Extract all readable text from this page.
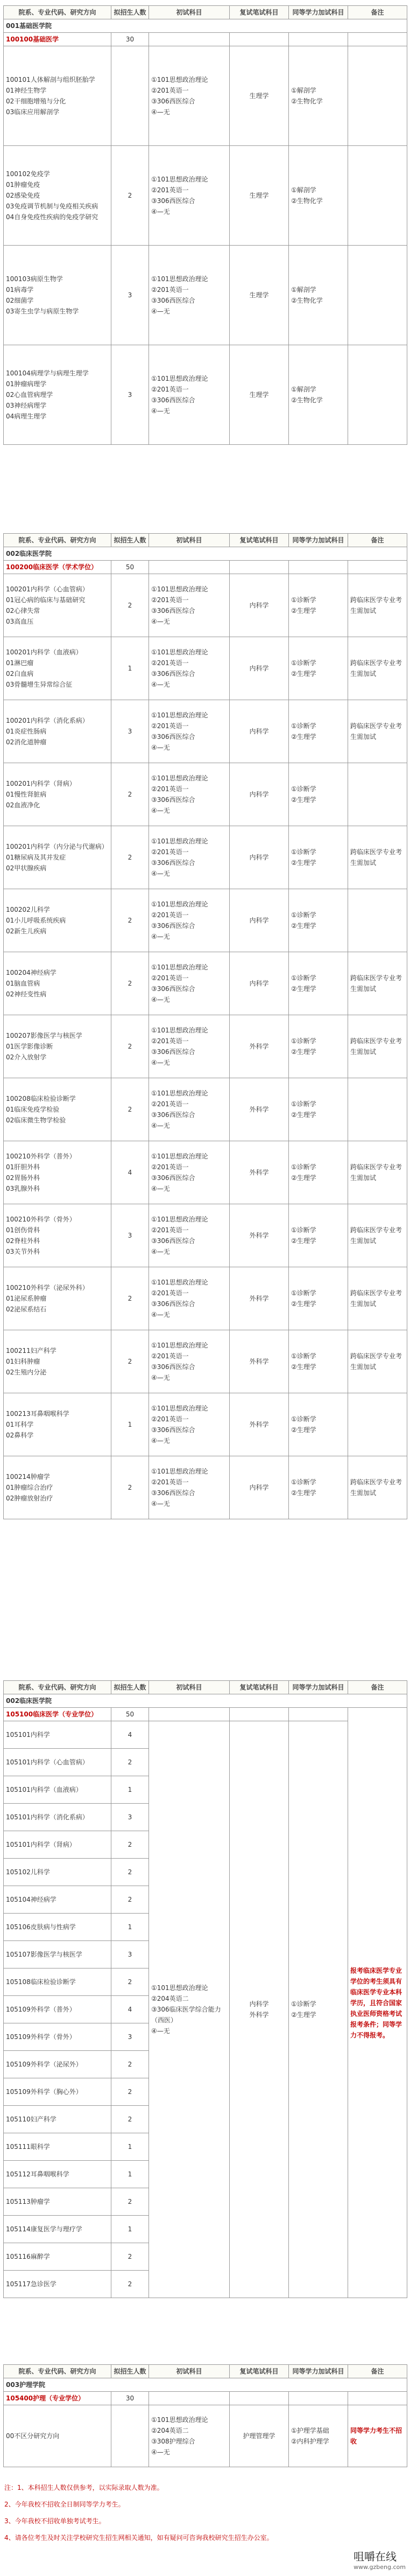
院系、专业代码、研究方向	拟招生人数	初试科目	复试笔试科目	同等学力加试科目	备注
001基础医学院					
100100基础医学	30				
100101人体解剖与组织胚胎学
01神经生物学
02干细胞增殖与分化
03临床应用解剖学		①101思想政治理论
②201英语一
③306西医综合
④—无	生理学	①解剖学
②生物化学	
100102免疫学
01肿瘤免疫
02感染免疫
03免疫调节机制与免疫相关疾病
04自身免疫性疾病的免疫学研究	2	①101思想政治理论
②201英语一
③306西医综合
④—无	生理学	①解剖学
②生物化学	
100103病原生物学
01病毒学
02细菌学
03寄生虫学与病原生物学	3	①101思想政治理论
②201英语一
③306西医综合
④—无	生理学	①解剖学
②生物化学	
100104病理学与病理生理学
01肿瘤病理学
02心血管病理学
03神经病理学
04病理生理学	3	①101思想政治理论
②201英语一
③306西医综合
④—无	生理学	①解剖学
②生物化学	
院系、专业代码、研究方向	拟招生人数	初试科目	复试笔试科目	同等学力加试科目	备注
002临床医学院					
100200临床医学（学术学位）	50				
100201内科学（心血管病）
01冠心病的临床与基础研究
02心律失常
03高血压	2	①101思想政治理论
②201英语一
③306西医综合
④—无	内科学	①诊断学
②生理学	跨临床医学专业考生需加试
100201内科学（血液病）
01淋巴瘤
02白血病
03骨髓增生异常综合征	1	①101思想政治理论
②201英语一
③306西医综合
④—无	内科学	①诊断学
②生理学	跨临床医学专业考生需加试
100201内科学（消化系病）
01炎症性肠病
02消化道肿瘤	3	①101思想政治理论
②201英语一
③306西医综合
④—无	内科学	①诊断学
②生理学	跨临床医学专业考生需加试
100201内科学（肾病）
01慢性肾脏病
02血液净化	2	①101思想政治理论
②201英语一
③306西医综合
④—无	内科学	①诊断学
②生理学	
100201内科学（内分泌与代谢病）
01糖尿病及其并发症
02甲状腺疾病	2	①101思想政治理论
②201英语一
③306西医综合
④—无	内科学	①诊断学
②生理学	跨临床医学专业考生需加试
100202儿科学
01小儿呼吸系统疾病
02新生儿疾病	2	①101思想政治理论
②201英语一
③306西医综合
④—无	内科学	①诊断学
②生理学	
100204神经病学
01脑血管病
02神经变性病	2	①101思想政治理论
②201英语一
③306西医综合
④—无	内科学	①诊断学
②生理学	跨临床医学专业考生需加试
100207影像医学与核医学
01医学影像诊断
02介入放射学	2	①101思想政治理论
②201英语一
③306西医综合
④—无	外科学	①诊断学
②生理学	跨临床医学专业考生需加试
100208临床检验诊断学
01临床免疫学检验
02临床微生物学检验	2	①101思想政治理论
②201英语一
③306西医综合
④—无	外科学	①诊断学
②生理学	
100210外科学（普外）
01肝胆外科
02胃肠外科
03乳腺外科	4	①101思想政治理论
②201英语一
③306西医综合
④—无	外科学	①诊断学
②生理学	跨临床医学专业考生需加试
100210外科学（骨外）
01创伤骨科
02脊柱外科
03关节外科	3	①101思想政治理论
②201英语一
③306西医综合
④—无	外科学	①诊断学
②生理学	跨临床医学专业考生需加试
100210外科学（泌尿外科）
01泌尿系肿瘤
02泌尿系结石	2	①101思想政治理论
②201英语一
③306西医综合
④—无	外科学	①诊断学
②生理学	跨临床医学专业考生需加试
100211妇产科学
01妇科肿瘤
02生殖内分泌	2	①101思想政治理论
②201英语一
③306西医综合
④—无	外科学	①诊断学
②生理学	跨临床医学专业考生需加试
100213耳鼻咽喉科学
01耳科学
02鼻科学	1	①101思想政治理论
②201英语一
③306西医综合
④—无	外科学	①诊断学
②生理学	
100214肿瘤学
01肿瘤综合治疗
02肿瘤放射治疗	2	①101思想政治理论
②201英语一
③306西医综合
④—无	内科学	①诊断学
②生理学	跨临床医学专业考生需加试
院系、专业代码、研究方向	拟招生人数	初试科目	复试笔试科目	同等学力加试科目	备注
002临床医学院					
105100临床医学（专业学位）	50				报考临床医学专业学位的考生须具有临床医学专业本科学历，且符合国家执业医师资格考试报考条件；同等学力不得报考。
105101内科学	4	①101思想政治理论
②204英语二
③306临床医学综合能力（西医）
④—无	内科学
外科学	①诊断学
②生理学	
105101内科学（心血管病）	2				
105101内科学（血液病）	1				
105101内科学（消化系病）	3				
105101内科学（肾病）	2				
105102儿科学	2				
105104神经病学	2				
105106皮肤病与性病学	1				
105107影像医学与核医学	3				
105108临床检验诊断学	2				
105109外科学（普外）	4				
105109外科学（骨外）	3				
105109外科学（泌尿外）	2				
105109外科学（胸心外）	2				
105110妇产科学	2				
105111眼科学	1				
105112耳鼻咽喉科学	1				
105113肿瘤学	2				
105114康复医学与理疗学	1				
105116麻醉学	2				
105117急诊医学	2				
院系、专业代码、研究方向	拟招生人数	初试科目	复试笔试科目	同等学力加试科目	备注
003护理学院					
105400护理（专业学位）	30				
00不区分研究方向		①101思想政治理论
②204英语二
③308护理综合
④—无	护理管理学	①护理学基础
②内科护理学	同等学力考生不招收
注：1、本科招生人数仅供参考，以实际录取人数为准。
2、今年我校不招收全日制同等学力考生。
3、今年我校不招收单独考试考生。
4、请各位考生及时关注学校研究生招生网相关通知，如有疑问可咨询我校研究生招生办公室。
咀嚼在线
www.gzbeng.com
